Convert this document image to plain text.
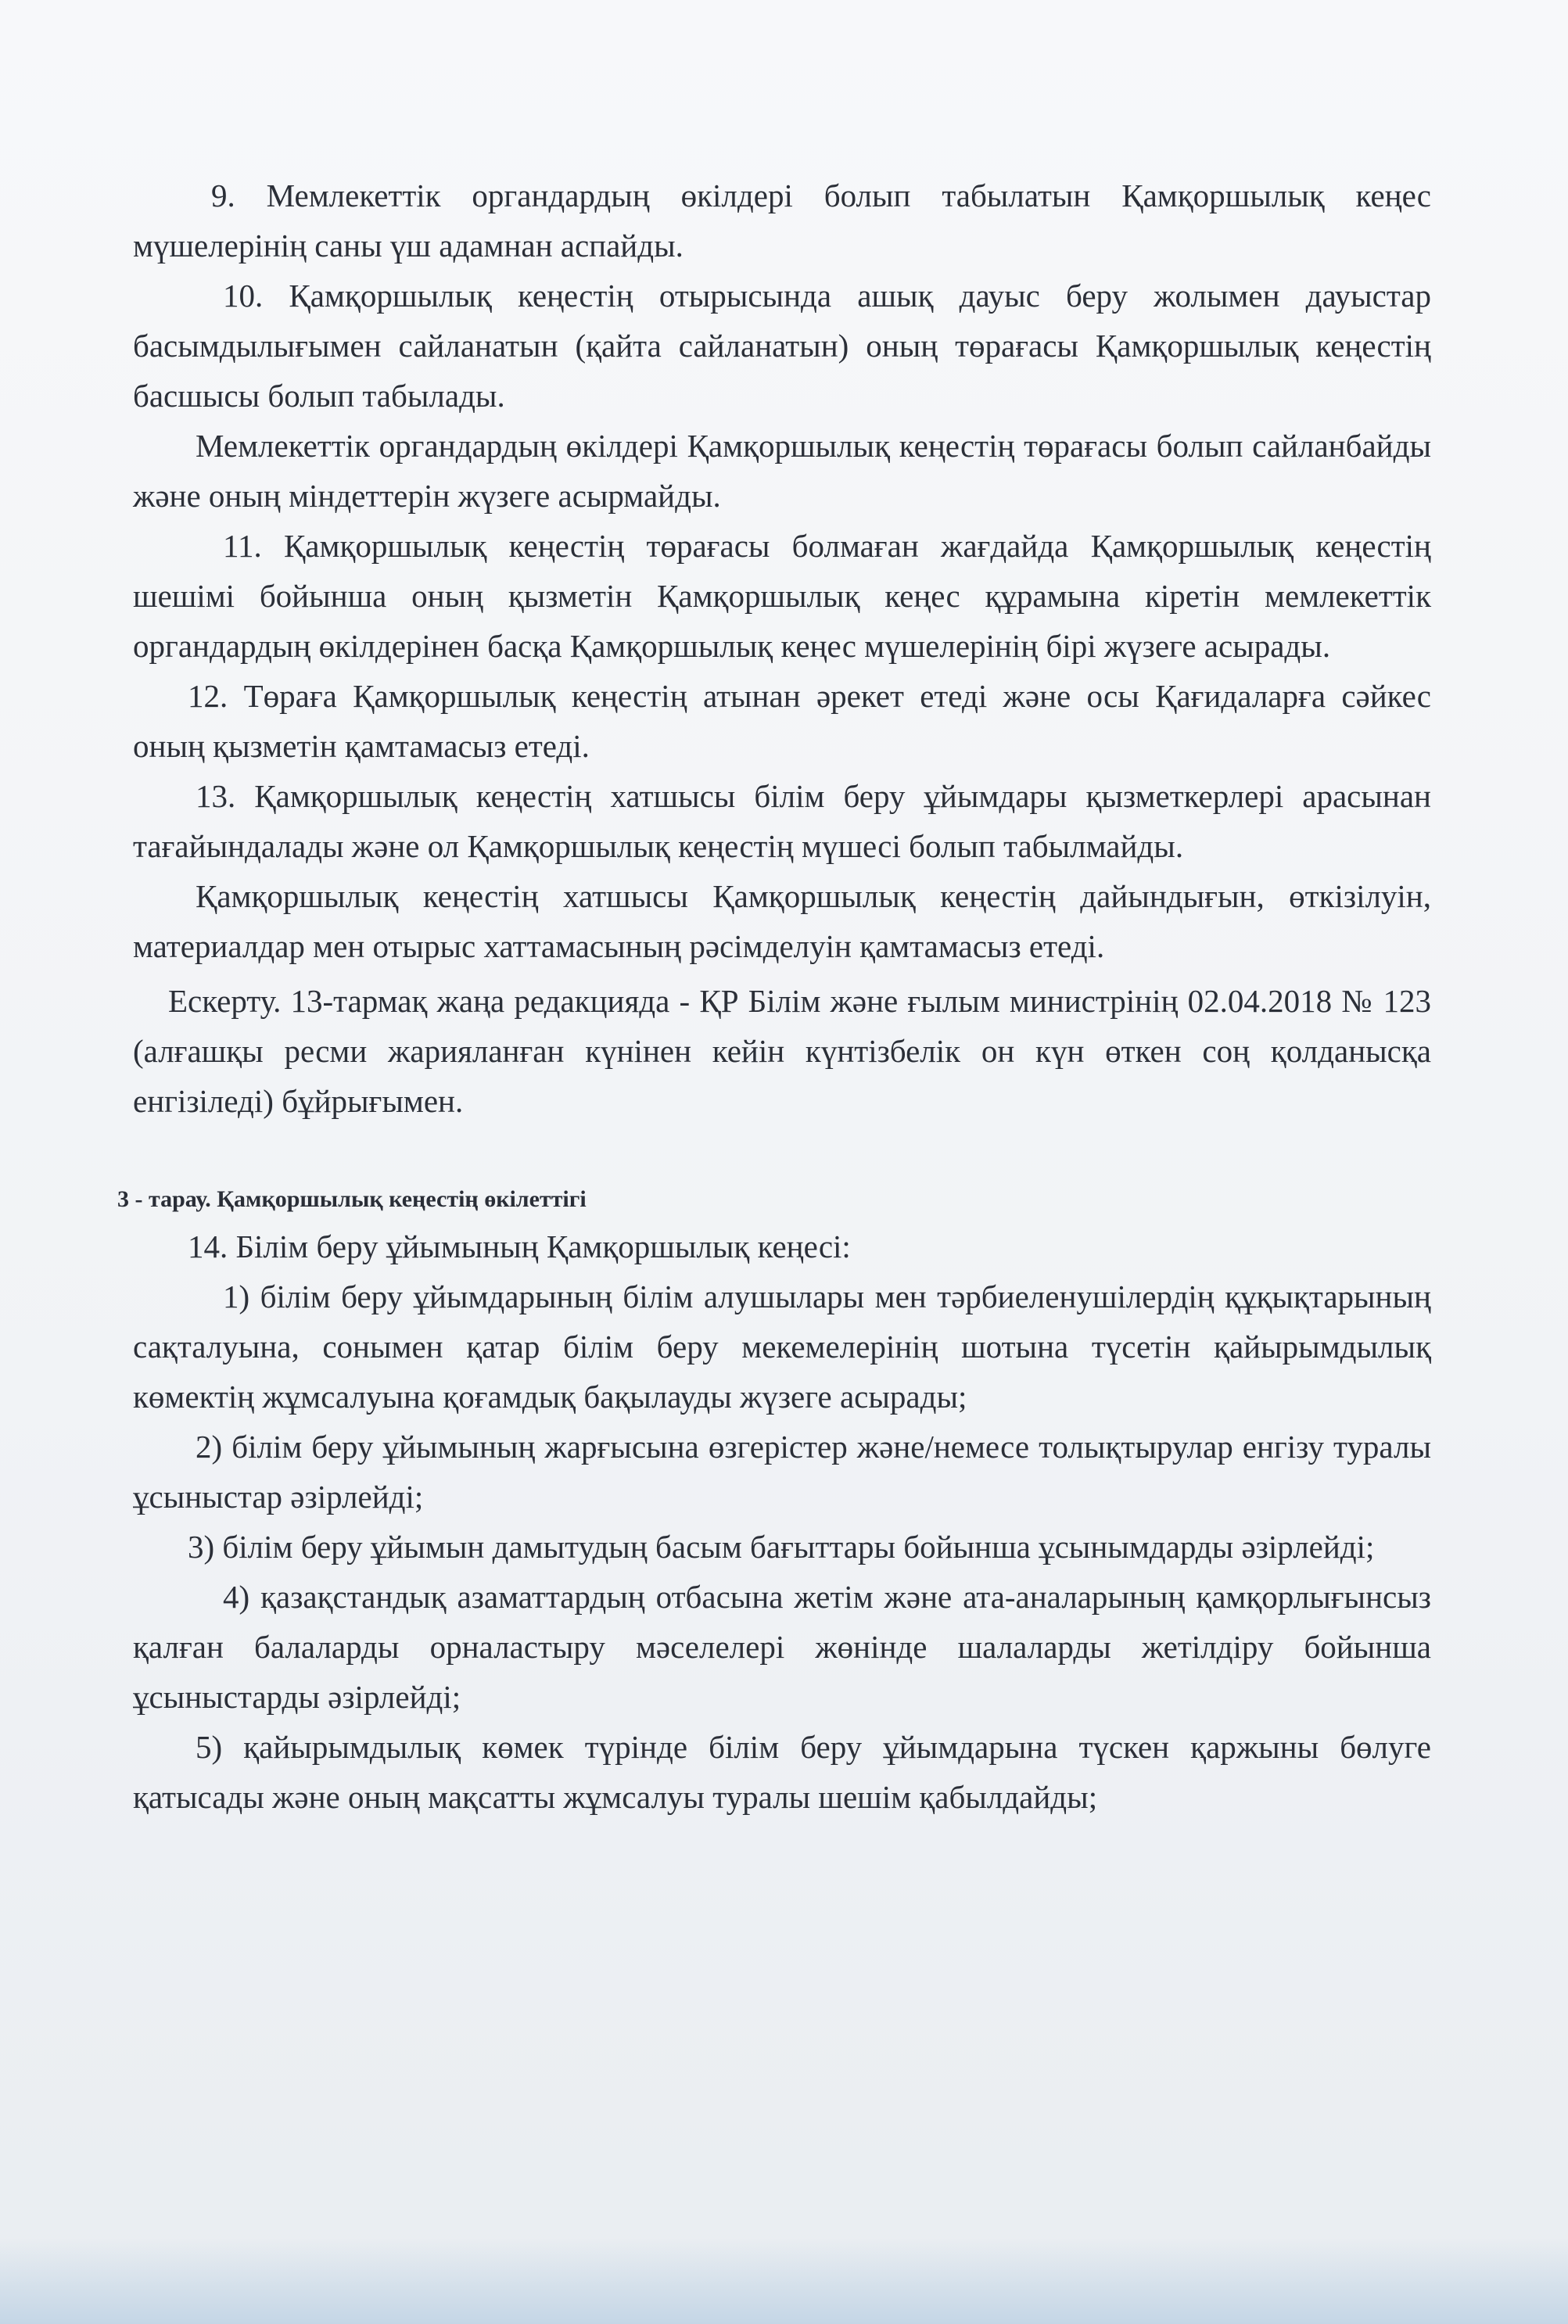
9. Мемлекеттік органдардың өкілдері болып табылатын Қамқоршылық кеңес мүшелерінің саны үш адамнан аспайды.

10. Қамқоршылық кеңестің отырысында ашық дауыс беру жолымен дауыстар басымдылығымен сайланатын (қайта сайланатын) оның төрағасы Қамқоршылық кеңестің басшысы болып табылады.

Мемлекеттік органдардың өкілдері Қамқоршылық кеңестің төрағасы болып сайланбайды және оның міндеттерін жүзеге асырмайды.

11. Қамқоршылық кеңестің төрағасы болмаған жағдайда Қамқоршылық кеңестің шешімі бойынша оның қызметін Қамқоршылық кеңес құрамына кіретін мемлекеттік органдардың өкілдерінен басқа Қамқоршылық кеңес мүшелерінің бірі жүзеге асырады.

12. Төраға Қамқоршылық кеңестің атынан әрекет етеді және осы Қағидаларға сәйкес оның қызметін қамтамасыз етеді.

13. Қамқоршылық кеңестің хатшысы білім беру ұйымдары қызметкерлері арасынан тағайындалады және ол Қамқоршылық кеңестің мүшесі болып табылмайды.

Қамқоршылық кеңестің хатшысы Қамқоршылық кеңестің дайындығын, өткізілуін, материалдар мен отырыс хаттамасының рәсімделуін қамтамасыз етеді.

Ескерту. 13-тармақ жаңа редакцияда - ҚР Білім және ғылым министрінің 02.04.2018 № 123 (алғашқы ресми жарияланған күнінен кейін күнтізбелік он күн өткен соң қолданысқа енгізіледі) бұйрығымен.

3 - тарау. Қамқоршылық кеңестің өкілеттігі

14. Білім беру ұйымының Қамқоршылық кеңесі:

1) білім беру ұйымдарының білім алушылары мен тәрбиеленушілердің құқықтарының сақталуына, сонымен қатар білім беру мекемелерінің шотына түсетін қайырымдылық көмектің жұмсалуына қоғамдық бақылауды жүзеге асырады;

2) білім беру ұйымының жарғысына өзгерістер және/немесе толықтырулар енгізу туралы ұсыныстар әзірлейді;

3) білім беру ұйымын дамытудың басым бағыттары бойынша ұсынымдарды әзірлейді;

4) қазақстандық азаматтардың отбасына жетім және ата-аналарының қамқорлығынсыз қалған балаларды орналастыру мәселелері жөнінде шалаларды жетілдіру бойынша ұсыныстарды әзірлейді;

5) қайырымдылық көмек түрінде білім беру ұйымдарына түскен қаржыны бөлуге қатысады және оның мақсатты жұмсалуы туралы шешім қабылдайды;
